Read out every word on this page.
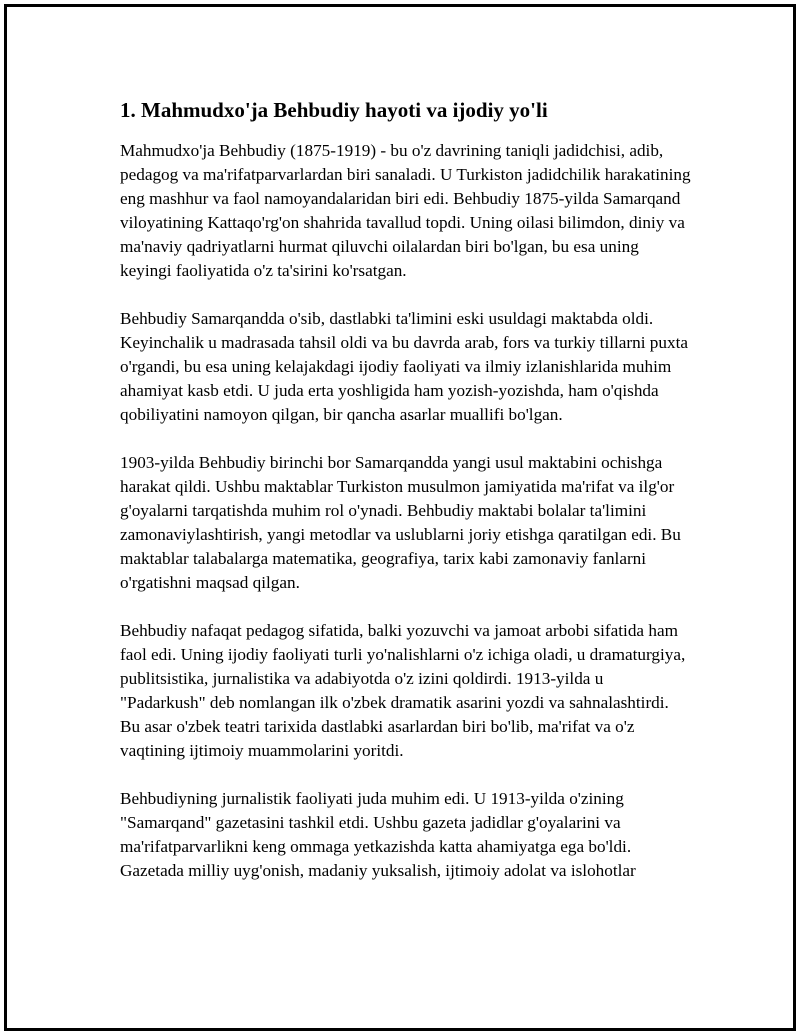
1. Mahmudxo'ja Behbudiy hayoti va ijodiy yo'li

Mahmudxo'ja Behbudiy (1875-1919) - bu o'z davrining taniqli jadidchisi, adib, pedagog va ma'rifatparvarlardan biri sanaladi. U Turkiston jadidchilik harakatining eng mashhur va faol namoyandalaridan biri edi. Behbudiy 1875-yilda Samarqand viloyatining Kattaqo'rg'on shahrida tavallud topdi. Uning oilasi bilimdon, diniy va ma'naviy qadriyatlarni hurmat qiluvchi oilalardan biri bo'lgan, bu esa uning keyingi faoliyatida o'z ta'sirini ko'rsatgan.

Behbudiy Samarqandda o'sib, dastlabki ta'limini eski usuldagi maktabda oldi. Keyinchalik u madrasada tahsil oldi va bu davrda arab, fors va turkiy tillarni puxta o'rgandi, bu esa uning kelajakdagi ijodiy faoliyati va ilmiy izlanishlarida muhim ahamiyat kasb etdi. U juda erta yoshligida ham yozish-yozishda, ham o'qishda qobiliyatini namoyon qilgan, bir qancha asarlar muallifi bo'lgan.

1903-yilda Behbudiy birinchi bor Samarqandda yangi usul maktabini ochishga harakat qildi. Ushbu maktablar Turkiston musulmon jamiyatida ma'rifat va ilg'or g'oyalarni tarqatishda muhim rol o'ynadi. Behbudiy maktabi bolalar ta'limini zamonaviylashtirish, yangi metodlar va uslublarni joriy etishga qaratilgan edi. Bu maktablar talabalarga matematika, geografiya, tarix kabi zamonaviy fanlarni o'rgatishni maqsad qilgan.

Behbudiy nafaqat pedagog sifatida, balki yozuvchi va jamoat arbobi sifatida ham faol edi. Uning ijodiy faoliyati turli yo'nalishlarni o'z ichiga oladi, u dramaturgiya, publitsistika, jurnalistika va adabiyotda o'z izini qoldirdi. 1913-yilda u "Padarkush" deb nomlangan ilk o'zbek dramatik asarini yozdi va sahnalashtirdi. Bu asar o'zbek teatri tarixida dastlabki asarlardan biri bo'lib, ma'rifat va o'z vaqtining ijtimoiy muammolarini yoritdi.

Behbudiyning jurnalistik faoliyati juda muhim edi. U 1913-yilda o'zining "Samarqand" gazetasini tashkil etdi. Ushbu gazeta jadidlar g'oyalarini va ma'rifatparvarlikni keng ommaga yetkazishda katta ahamiyatga ega bo'ldi. Gazetada milliy uyg'onish, madaniy yuksalish, ijtimoiy adolat va islohotlar
